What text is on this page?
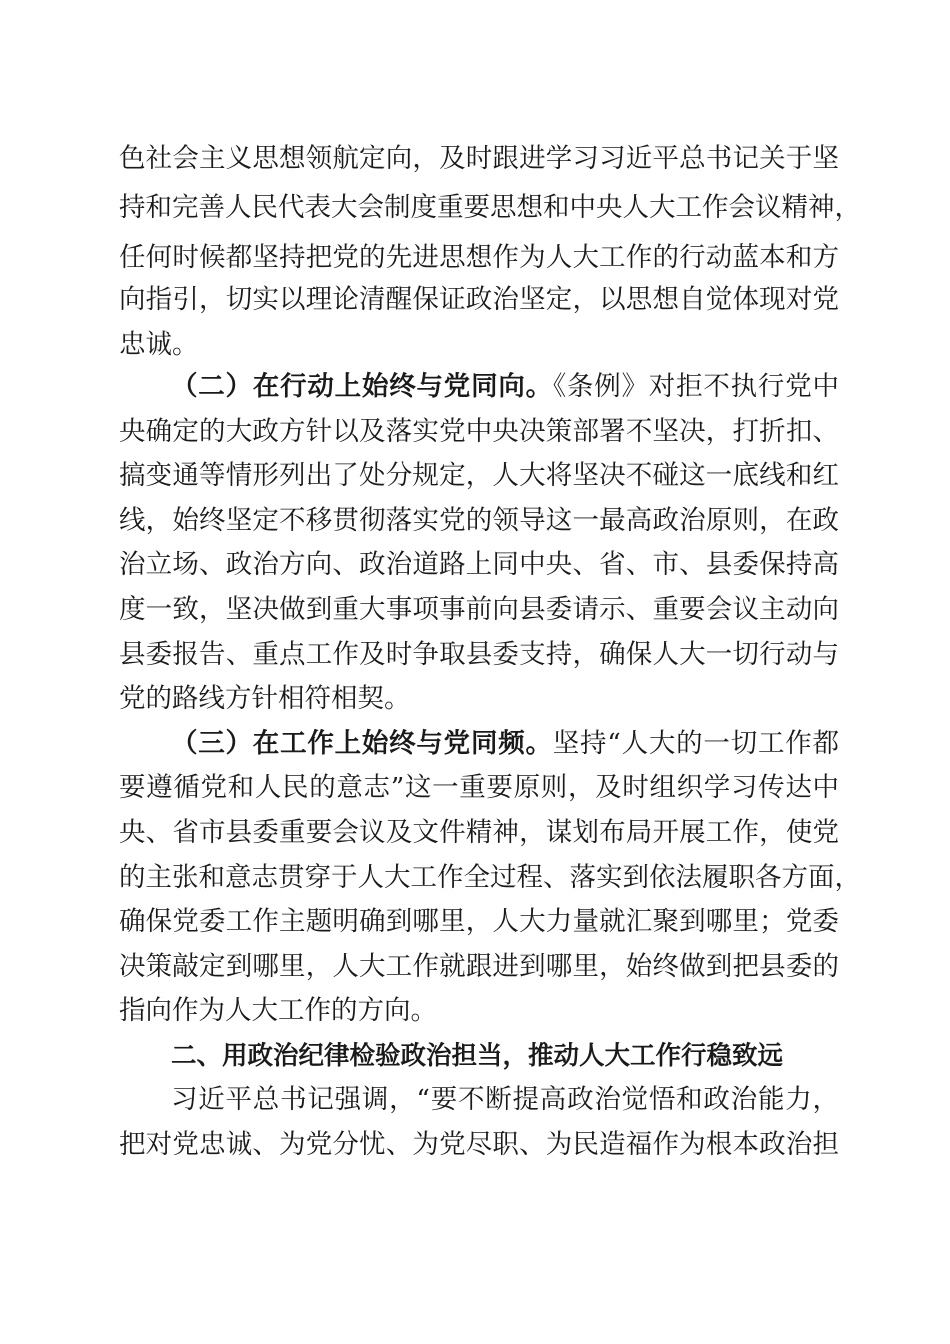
色社会主义思想领航定向，及时跟进学习习近平总书记关于坚
持和完善人民代表大会制度重要思想和中央人大工作会议精神，
任何时候都坚持把党的先进思想作为人大工作的行动蓝本和方
向指引，切实以理论清醒保证政治坚定，以思想自觉体现对党
忠诚。
（二）在行动上始终与党同向。《条例》对拒不执行党中
央确定的大政方针以及落实党中央决策部署不坚决，打折扣、
搞变通等情形列出了处分规定，人大将坚决不碰这一底线和红
线，始终坚定不移贯彻落实党的领导这一最高政治原则，在政
治立场、政治方向、政治道路上同中央、省、市、县委保持高
度一致，坚决做到重大事项事前向县委请示、重要会议主动向
县委报告、重点工作及时争取县委支持，确保人大一切行动与
党的路线方针相符相契。
（三）在工作上始终与党同频。坚持“人大的一切工作都
要遵循党和人民的意志”这一重要原则，及时组织学习传达中
央、省市县委重要会议及文件精神，谋划布局开展工作，使党
的主张和意志贯穿于人大工作全过程、落实到依法履职各方面，
确保党委工作主题明确到哪里，人大力量就汇聚到哪里；党委
决策敲定到哪里，人大工作就跟进到哪里，始终做到把县委的
指向作为人大工作的方向。
二、用政治纪律检验政治担当，推动人大工作行稳致远
习近平总书记强调，“要不断提高政治觉悟和政治能力，
把对党忠诚、为党分忧、为党尽职、为民造福作为根本政治担
